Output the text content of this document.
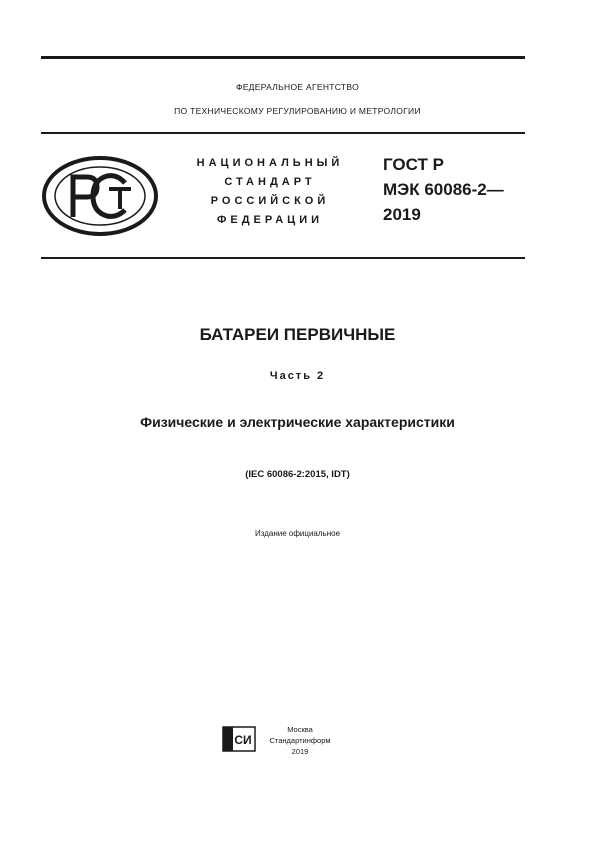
ФЕДЕРАЛЬНОЕ АГЕНТСТВО
ПО ТЕХНИЧЕСКОМУ РЕГУЛИРОВАНИЮ И МЕТРОЛОГИИ
НАЦИОНАЛЬНЫЙ
СТАНДАРТ
РОССИЙСКОЙ
ФЕДЕРАЦИИ
ГОСТ Р
МЭК 60086-2—
2019
БАТАРЕИ ПЕРВИЧНЫЕ
Часть 2
Физические и электрические характеристики
(IEC 60086-2:2015, IDT)
Издание официальное
СИ
Москва
Стандартинформ
2019
